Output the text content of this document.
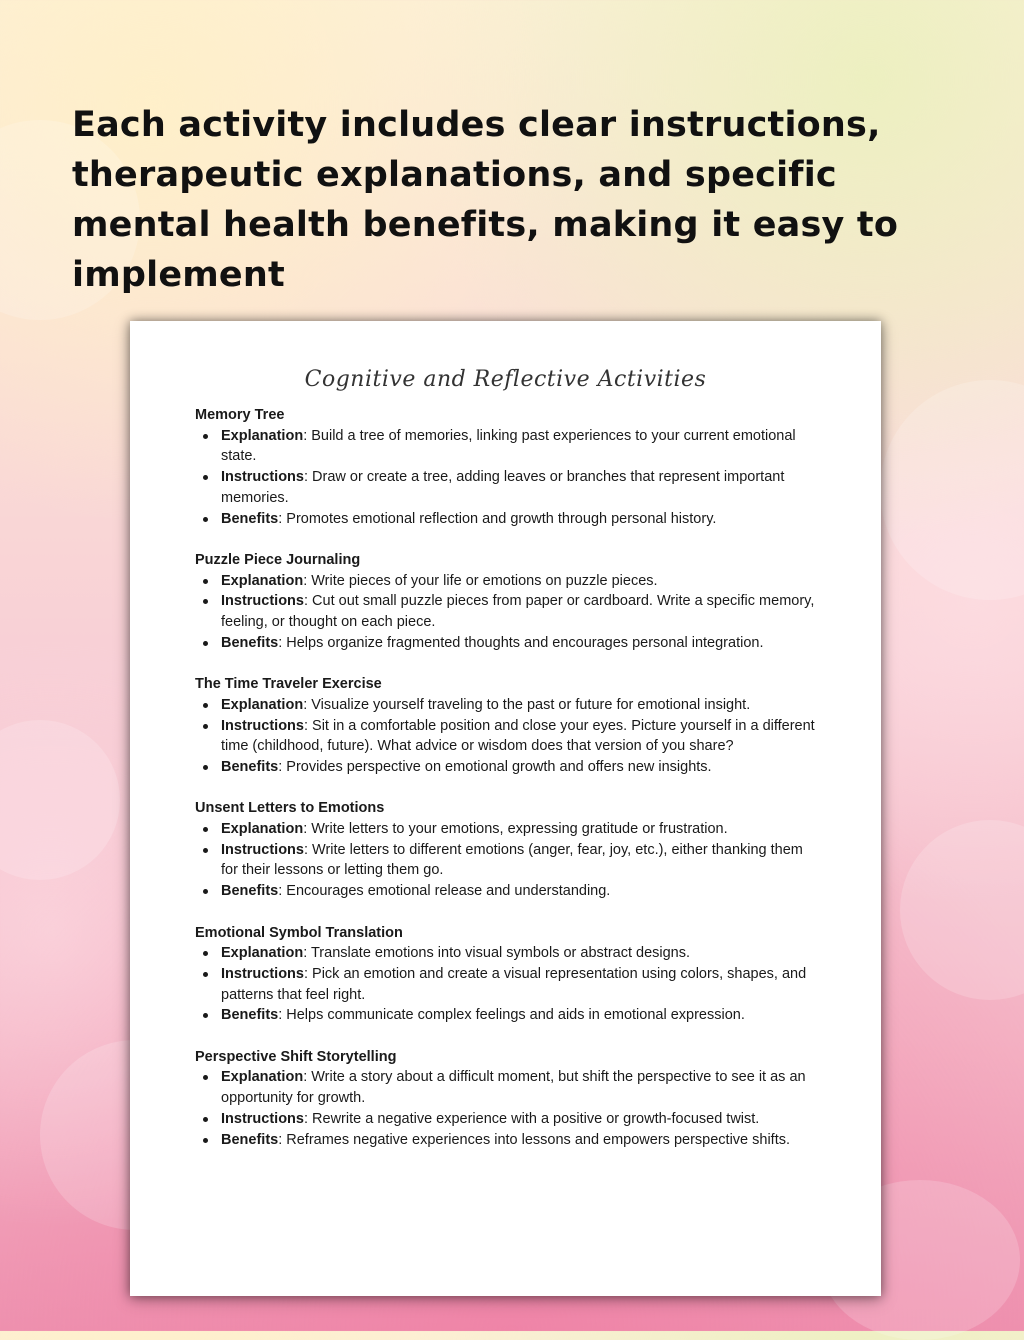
Each activity includes clear instructions, therapeutic explanations, and specific mental health benefits, making it easy to implement
Cognitive and Reflective Activities
Memory Tree
Explanation: Build a tree of memories, linking past experiences to your current emotional state.
Instructions: Draw or create a tree, adding leaves or branches that represent important memories.
Benefits: Promotes emotional reflection and growth through personal history.
Puzzle Piece Journaling
Explanation: Write pieces of your life or emotions on puzzle pieces.
Instructions: Cut out small puzzle pieces from paper or cardboard. Write a specific memory, feeling, or thought on each piece.
Benefits: Helps organize fragmented thoughts and encourages personal integration.
The Time Traveler Exercise
Explanation: Visualize yourself traveling to the past or future for emotional insight.
Instructions: Sit in a comfortable position and close your eyes. Picture yourself in a different time (childhood, future). What advice or wisdom does that version of you share?
Benefits: Provides perspective on emotional growth and offers new insights.
Unsent Letters to Emotions
Explanation: Write letters to your emotions, expressing gratitude or frustration.
Instructions: Write letters to different emotions (anger, fear, joy, etc.), either thanking them for their lessons or letting them go.
Benefits: Encourages emotional release and understanding.
Emotional Symbol Translation
Explanation: Translate emotions into visual symbols or abstract designs.
Instructions: Pick an emotion and create a visual representation using colors, shapes, and patterns that feel right.
Benefits: Helps communicate complex feelings and aids in emotional expression.
Perspective Shift Storytelling
Explanation: Write a story about a difficult moment, but shift the perspective to see it as an opportunity for growth.
Instructions: Rewrite a negative experience with a positive or growth-focused twist.
Benefits: Reframes negative experiences into lessons and empowers perspective shifts.
